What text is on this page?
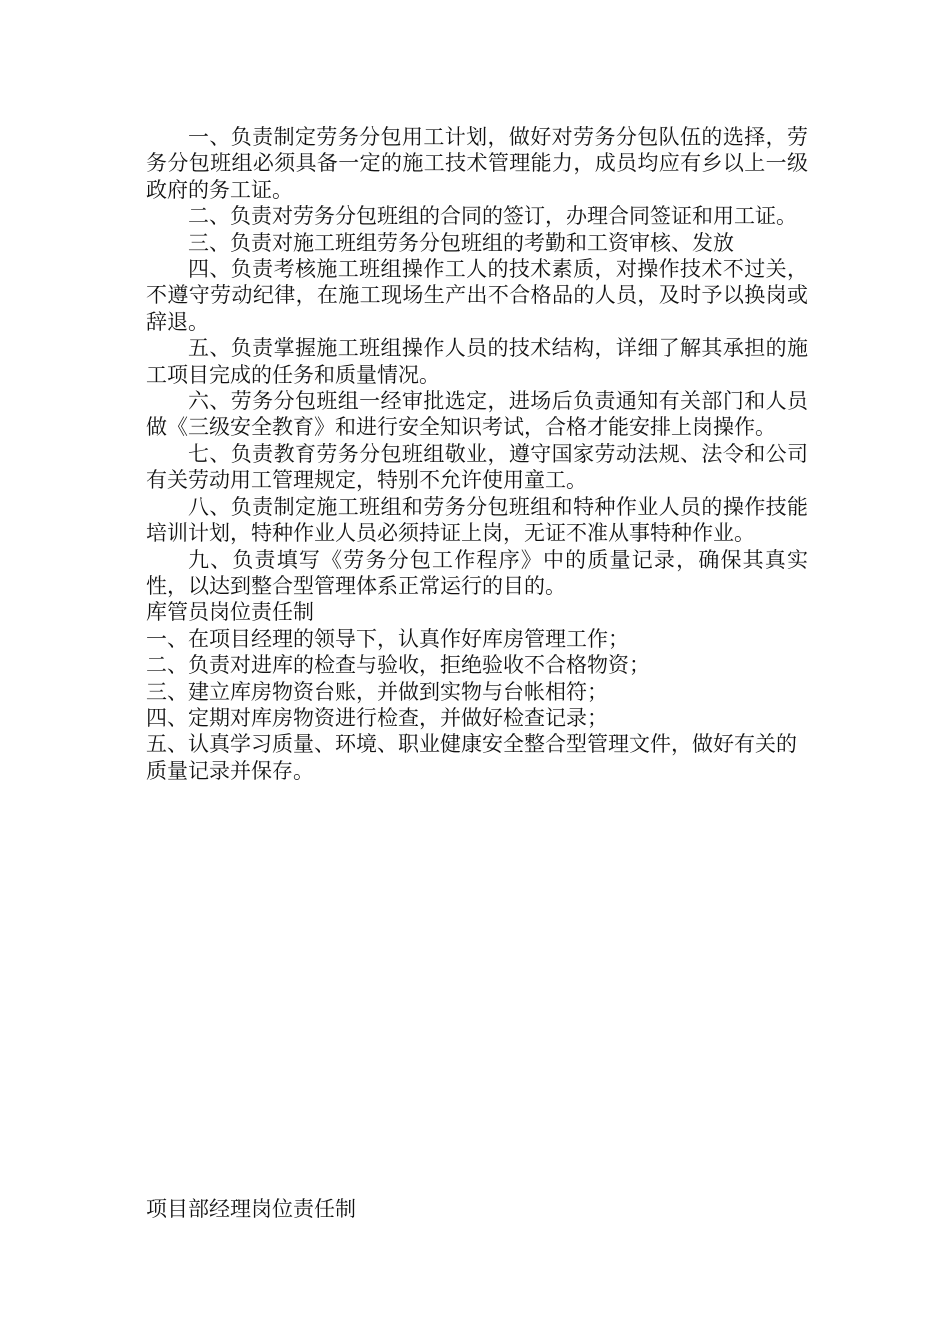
一、负责制定劳务分包用工计划，做好对劳务分包队伍的选择，劳务分包班组必须具备一定的施工技术管理能力，成员均应有乡以上一级政府的务工证。

二、负责对劳务分包班组的合同的签订，办理合同签证和用工证。

三、负责对施工班组劳务分包班组的考勤和工资审核、发放

四、负责考核施工班组操作工人的技术素质，对操作技术不过关，不遵守劳动纪律，在施工现场生产出不合格品的人员，及时予以换岗或辞退。

五、负责掌握施工班组操作人员的技术结构，详细了解其承担的施工项目完成的任务和质量情况。

六、劳务分包班组一经审批选定，进场后负责通知有关部门和人员做《三级安全教育》和进行安全知识考试，合格才能安排上岗操作。

七、负责教育劳务分包班组敬业，遵守国家劳动法规、法令和公司有关劳动用工管理规定，特别不允许使用童工。

八、负责制定施工班组和劳务分包班组和特种作业人员的操作技能培训计划，特种作业人员必须持证上岗，无证不准从事特种作业。

九、负责填写《劳务分包工作程序》中的质量记录，确保其真实性，以达到整合型管理体系正常运行的目的。

库管员岗位责任制

一、在项目经理的领导下，认真作好库房管理工作；

二、负责对进库的检查与验收，拒绝验收不合格物资；

三、建立库房物资台账，并做到实物与台帐相符；

四、定期对库房物资进行检查，并做好检查记录；

五、认真学习质量、环境、职业健康安全整合型管理文件，做好有关的质量记录并保存。

项目部经理岗位责任制
